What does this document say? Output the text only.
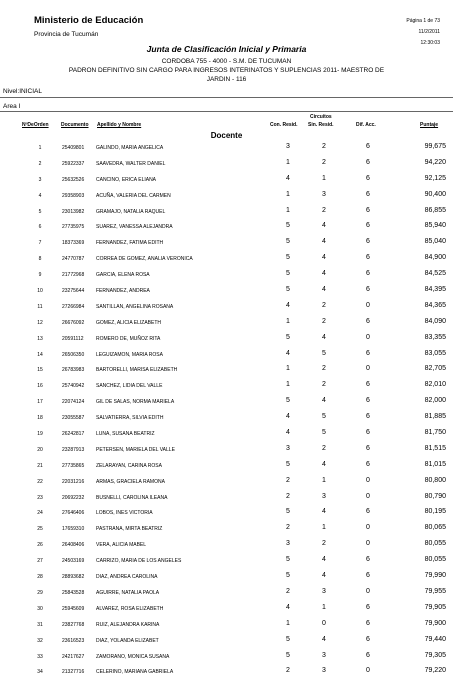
Ministerio de Educación
Provincia de Tucumán
Página 1 de 73
11/2/2011
12:30:03
Junta de Clasificación Inicial y Primaria
CORDOBA 755 - 4000 - S.M. DE TUCUMAN
PADRON DEFINITIVO SIN CARGO PARA INGRESOS INTERINATOS Y SUPLENCIAS 2011- MAESTRO DE
JARDIN - 116
Nivel:INICIAL
Area I
Circuitos
NºDeOrden Documento Apellido y Nombre	Con. Resid. Sin. Resid.	Dif. Acc.	Puntaje
Docente
1	25409801 GALINDO, MARIA ANGELICA	3	2	6	99,675
2	25922337 SAAVEDRA, WALTER DANIEL	1	2	6	94,220
3	25632526 CANCINO, ERICA ELIANA	4	1	6	92,125
4	29358903 ACUÑA, VALERIA DEL CARMEN	1	3	6	90,400
5	23013982 GRAMAJO, NATALIA RAQUEL	1	2	6	86,855
6	27735975 SUAREZ, VANESSA ALEJANDRA	5	4	6	85,940
7	18373369 FERNANDEZ, FATIMA EDITH	5	4	6	85,040
8	24770787 CORREA DE GOMEZ, ANALIA VERONICA	5	4	6	84,900
9	21772968 GARCIA, ELENA ROSA	5	4	6	84,525
10	23275644 FERNANDEZ, ANDREA	5	4	6	84,395
11	27266984 SANTILLAN, ANGELINA ROSANA	4	2	0	84,365
12	26676092 GOMEZ, ALICIA ELIZABETH	1	2	6	84,090
13	20591112 ROMERO DE, MUÑOZ RITA	5	4	0	83,355
14	26506350 LEGUIZAMON, MARIA ROSA	4	5	6	83,055
15	26783983 BARTORELLI, MARISA ELIZABETH	1	2	0	82,705
16	25740942 SANCHEZ, LIDIA DEL VALLE	1	2	6	82,010
17	22074124 GIL DE SALAS, NORMA MARIELA	5	4	6	82,000
18	23055587 SALVATIERRA, SILVIA EDITH	4	5	6	81,885
19	26242817 LUNA, SUSANA BEATRIZ	4	5	6	81,750
20	23287913 PETERSEN, MARIELA DEL VALLE	3	2	6	81,515
21	27735865 ZELARAYAN, CARINA ROSA	5	4	6	81,015
22	22031216 ARMAS, GRACIELA RAMONA	2	1	0	80,800
23	20692232 BUSNELLI, CAROLINA ILEANA	2	3	0	80,790
24	27646406 LOBOS, INES VICTORIA	5	4	6	80,195
25	17659310 PASTRANA, MIRTA BEATRIZ	2	1	0	80,065
26	26408406 VERA, ALICIA MABEL	3	2	0	80,055
27	24503169 CARRIZO, MARIA DE LOS ANGELES	5	4	6	80,055
28	28893682 DIAZ, ANDREA CAROLINA	5	4	6	79,990
29	25843528 AGUIRRE, NATALIA PAOLA	2	3	0	79,955
30	25945609 ALVAREZ, ROSA ELIZABETH	4	1	6	79,905
31	23827768 RUIZ, ALEJANDRA KARINA	1	0	6	79,900
32	23616523 DIAZ, YOLANDA ELIZABET	5	4	6	79,440
33	24217627 ZAMORANO, MONICA SUSANA	5	3	6	79,305
34	21327716 CELERINO, MARIANA GABRIELA	2	3	0	79,220
